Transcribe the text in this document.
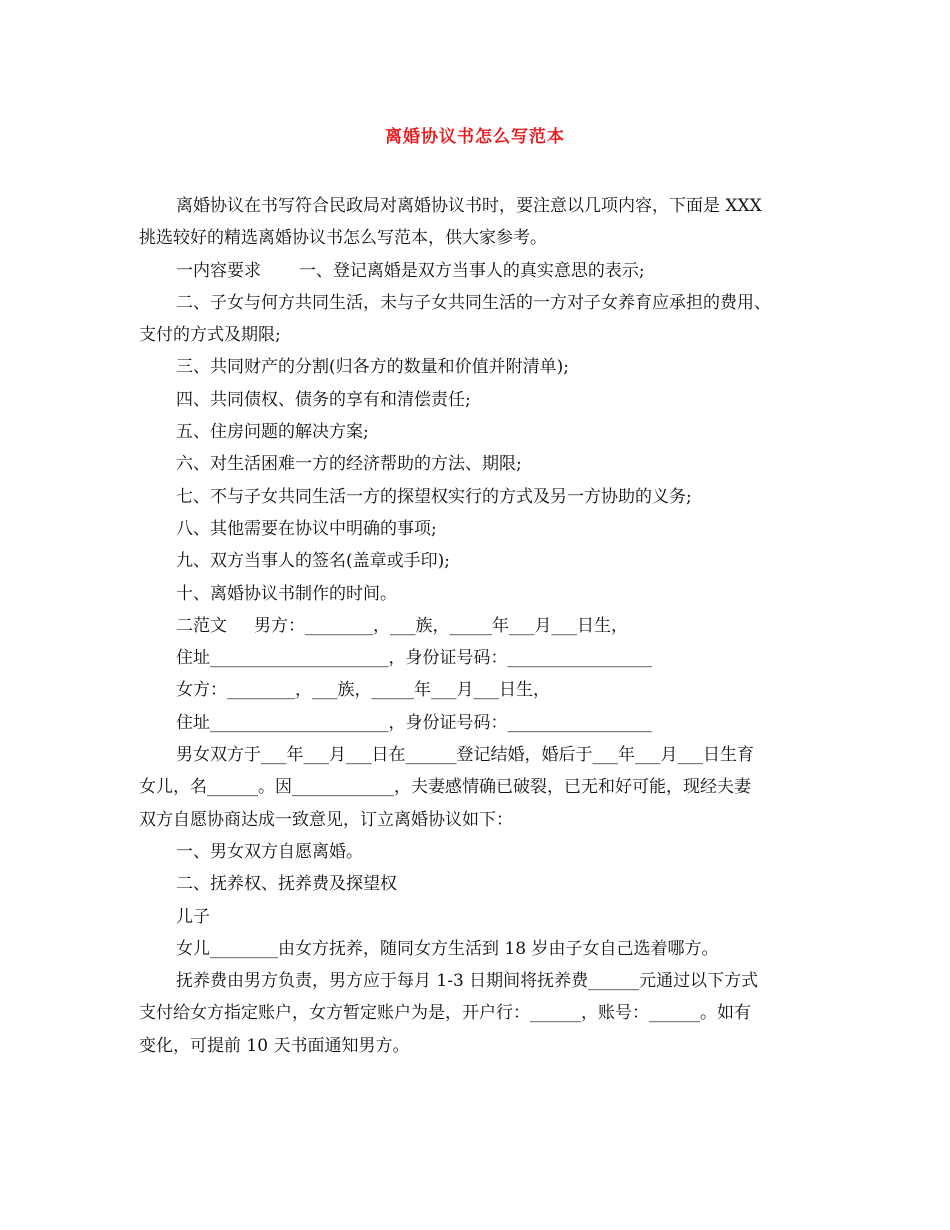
离婚协议书怎么写范本
离婚协议在书写符合民政局对离婚协议书时，要注意以几项内容，下面是 XXX
挑选较好的精选离婚协议书怎么写范本，供大家参考。
一内容要求       一、登记离婚是双方当事人的真实意思的表示;
二、子女与何方共同生活，未与子女共同生活的一方对子女养育应承担的费用、
支付的方式及期限;
三、共同财产的分割(归各方的数量和价值并附清单);
四、共同债权、债务的享有和清偿责任;
五、住房问题的解决方案;
六、对生活困难一方的经济帮助的方法、期限;
七、不与子女共同生活一方的探望权实行的方式及另一方协助的义务;
八、其他需要在协议中明确的事项;
九、双方当事人的签名(盖章或手印);
十、离婚协议书制作的时间。
二范文     男方：________，___族，_____年___月___日生，
住址_____________________，身份证号码：_________________
女方：________，___族，_____年___月___日生，
住址_____________________，身份证号码：_________________
男女双方于___年___月___日在______登记结婚，婚后于___年___月___日生育
女儿，名______。因____________，夫妻感情确已破裂，已无和好可能，现经夫妻
双方自愿协商达成一致意见，订立离婚协议如下：
一、男女双方自愿离婚。
二、抚养权、抚养费及探望权
儿子
女儿________由女方抚养，随同女方生活到 18 岁由子女自己选着哪方。
抚养费由男方负责，男方应于每月 1-3 日期间将抚养费______元通过以下方式
支付给女方指定账户，女方暂定账户为是，开户行：______，账号：______。如有
变化，可提前 10 天书面通知男方。
